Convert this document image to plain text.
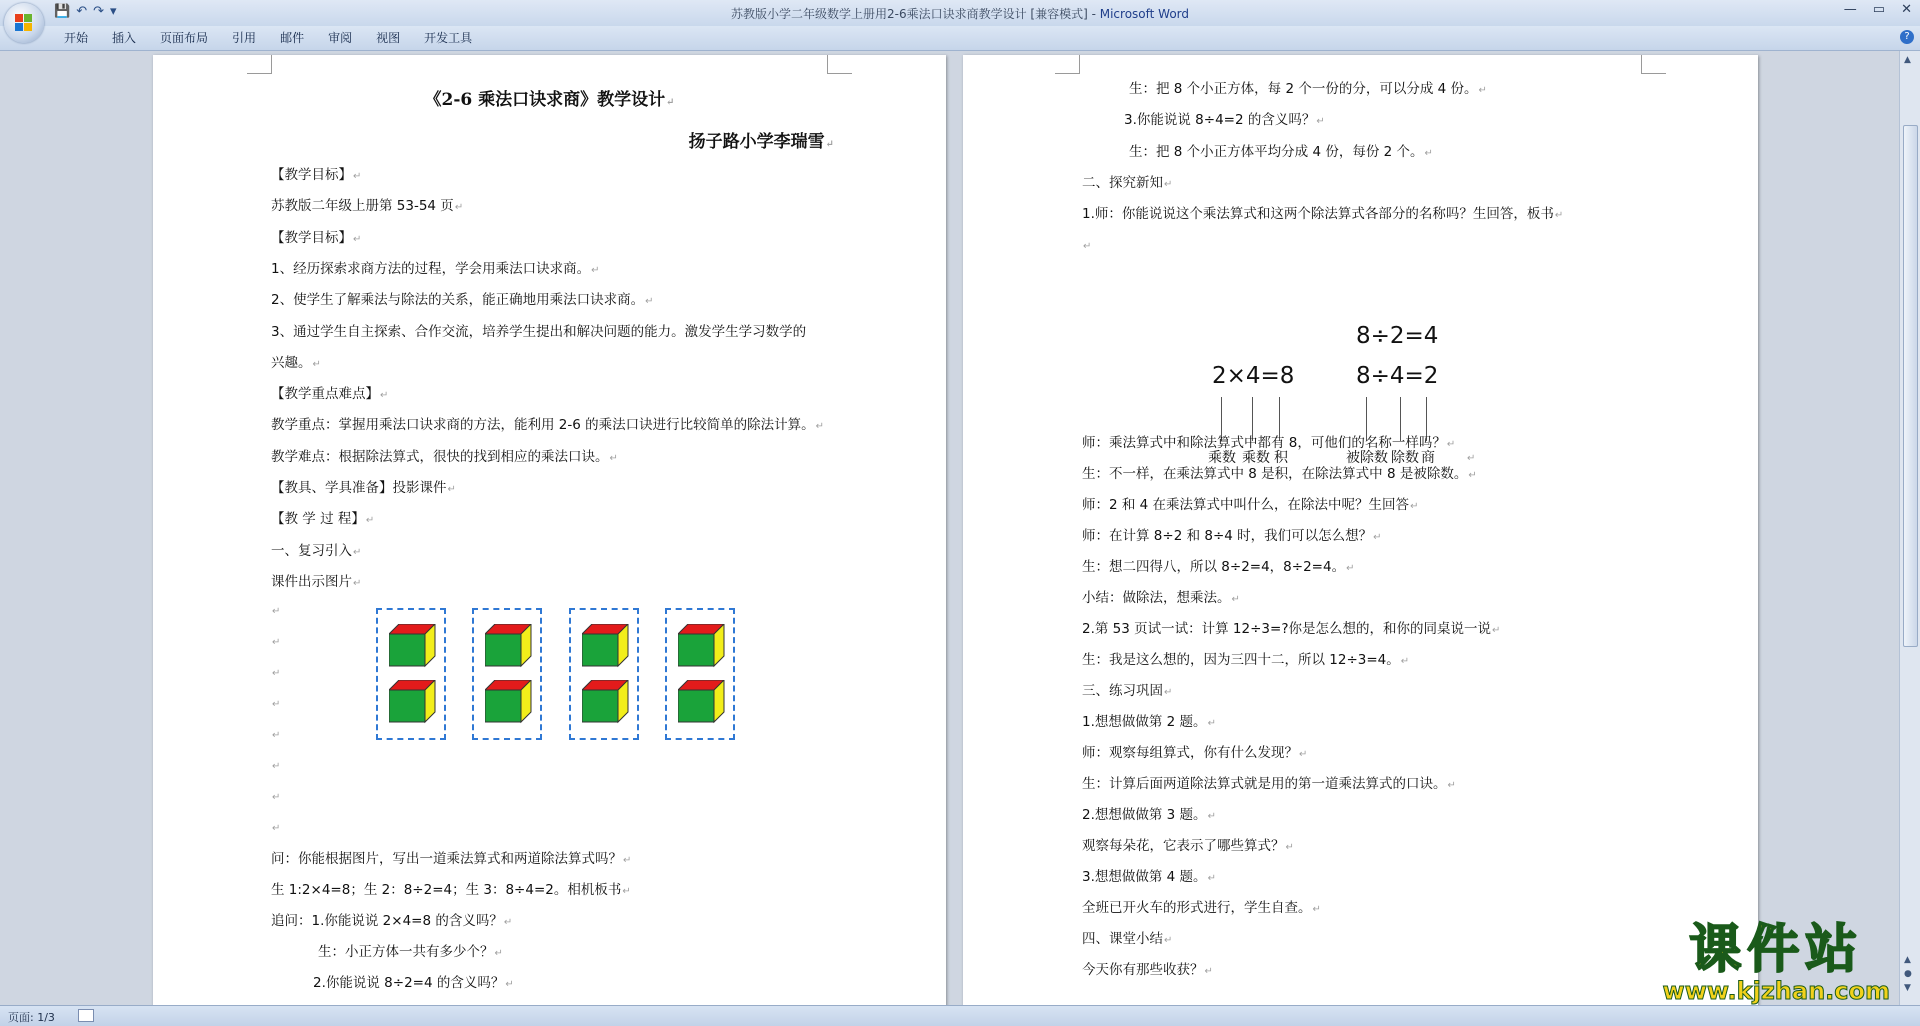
苏教版小学二年级数学上册用2-6乘法口诀求商教学设计 [兼容模式] - Microsoft Word
💾 ↶ ↷ ▾	— ▭ ✕
开始	插入	页面布局	引用	邮件	审阅	视图	开发工具	?
《2-6 乘法口诀求商》教学设计↵
扬子路小学李瑞雪↵
【教学目标】↵
苏教版二年级上册第 53-54 页↵
【教学目标】↵
1、经历探索求商方法的过程，学会用乘法口诀求商。↵
2、使学生了解乘法与除法的关系，能正确地用乘法口诀求商。↵
3、通过学生自主探索、合作交流，培养学生提出和解决问题的能力。激发学生学习数学的
兴趣。↵
【教学重点难点】↵
教学重点：掌握用乘法口诀求商的方法，能利用 2-6 的乘法口诀进行比较简单的除法计算。↵
教学难点：根据除法算式，很快的找到相应的乘法口诀。↵
【教具、学具准备】投影课件↵
【教 学 过 程】↵
一、复习引入↵
课件出示图片↵
↵
↵
↵
↵
↵
↵
↵
↵
问：你能根据图片，写出一道乘法算式和两道除法算式吗？↵
生 1:2×4=8；生 2：8÷2=4；生 3：8÷4=2。相机板书↵
追问：1.你能说说 2×4=8 的含义吗？↵
生：小正方体一共有多少个？↵
2.你能说说 8÷2=4 的含义吗？↵
8÷2=4
2×4=8	8÷4=2
乘数 乘数 积	被除数 除数 商	↵
生：把 8 个小正方体，每 2 个一份的分，可以分成 4 份。↵
3.你能说说 8÷4=2 的含义吗？↵
生：把 8 个小正方体平均分成 4 份，每份 2 个。↵
二、探究新知↵
1.师：你能说说这个乘法算式和这两个除法算式各部分的名称吗？生回答，板书↵
↵
师：乘法算式中和除法算式中都有 8，可他们的名称一样吗？↵
生：不一样，在乘法算式中 8 是积，在除法算式中 8 是被除数。↵
师：2 和 4 在乘法算式中叫什么，在除法中呢？生回答↵
师：在计算 8÷2 和 8÷4 时，我们可以怎么想？↵
生：想二四得八，所以 8÷2=4，8÷2=4。↵
小结：做除法，想乘法。↵
2.第 53 页试一试：计算 12÷3=?你是怎么想的，和你的同桌说一说↵
生：我是这么想的，因为三四十二，所以 12÷3=4。↵
三、练习巩固↵
1.想想做做第 2 题。↵
师：观察每组算式，你有什么发现？↵
生：计算后面两道除法算式就是用的第一道乘法算式的口诀。↵
2.想想做做第 3 题。↵
观察每朵花，它表示了哪些算式？↵
3.想想做做第 4 题。↵
全班已开火车的形式进行，学生自查。↵
四、课堂小结↵
今天你有那些收获？↵
▲
▲
●
▼
课件站
www.kjzhan.com
页面: 1/3
